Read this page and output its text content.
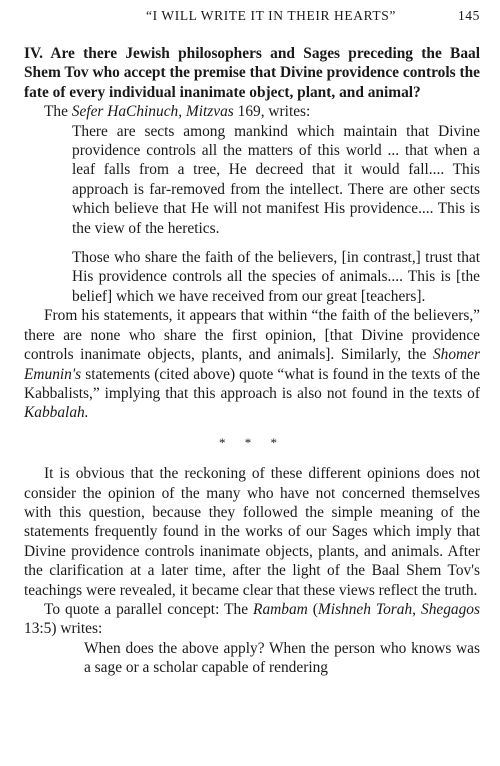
“I WILL WRITE IT IN THEIR HEARTS”	145

IV. Are there Jewish philosophers and Sages preceding the Baal Shem Tov who accept the premise that Divine providence controls the fate of every individual inanimate object, plant, and animal?

The Sefer HaChinuch, Mitzvas 169, writes:

There are sects among mankind which maintain that Divine providence controls all the matters of this world ... that when a leaf falls from a tree, He decreed that it would fall.... This approach is far-removed from the intellect. There are other sects which believe that He will not manifest His providence.... This is the view of the heretics.

Those who share the faith of the believers, [in contrast,] trust that His providence controls all the species of animals.... This is [the belief] which we have received from our great [teachers].

From his statements, it appears that within “the faith of the believers,” there are none who share the first opinion, [that Divine providence controls inanimate objects, plants, and animals]. Similarly, the Shomer Emunin's statements (cited above) quote “what is found in the texts of the Kabbalists,” implying that this approach is also not found in the texts of Kabbalah.

* * *

It is obvious that the reckoning of these different opinions does not consider the opinion of the many who have not concerned themselves with this question, because they followed the simple meaning of the statements frequently found in the works of our Sages which imply that Divine providence controls inanimate objects, plants, and animals. After the clarification at a later time, after the light of the Baal Shem Tov's teachings were revealed, it became clear that these views reflect the truth.

To quote a parallel concept: The Rambam (Mishneh Torah, Shegagos 13:5) writes:

When does the above apply? When the person who knows was a sage or a scholar capable of rendering
